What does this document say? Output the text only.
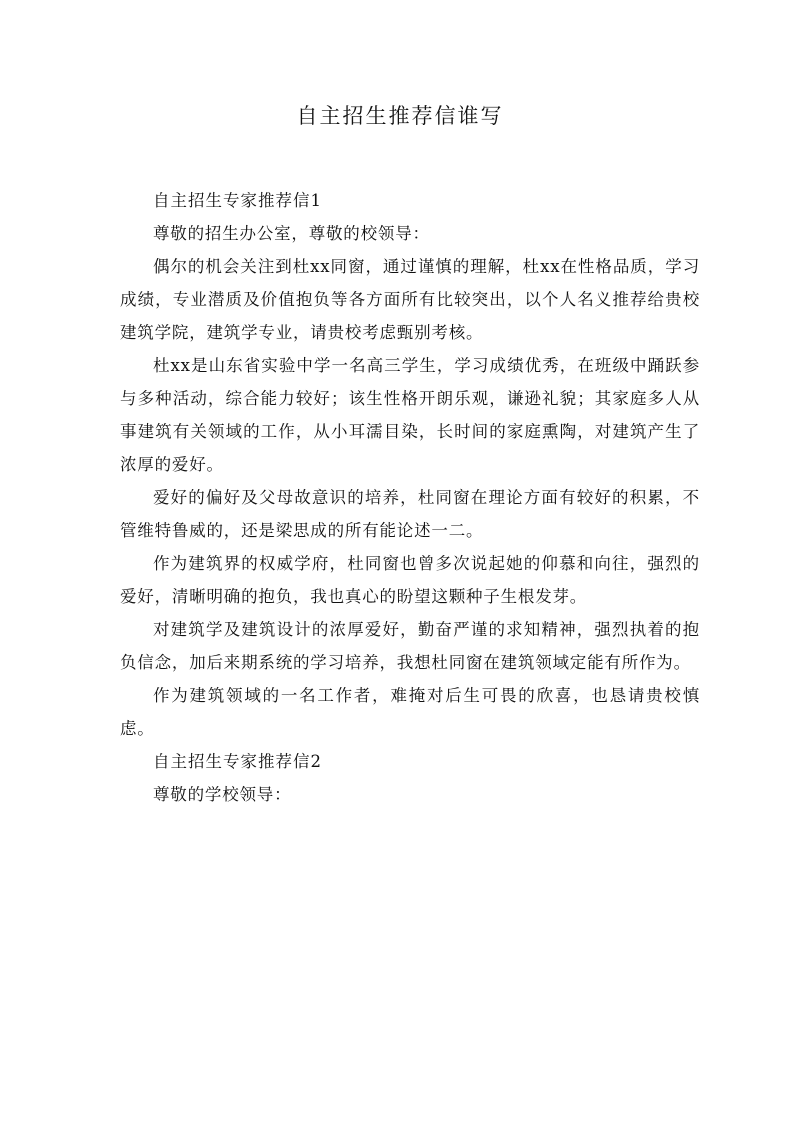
自主招生推荐信谁写

自主招生专家推荐信1

尊敬的招生办公室，尊敬的校领导：

偶尔的机会关注到杜xx同窗，通过谨慎的理解，杜xx在性格品质，学习成绩，专业潜质及价值抱负等各方面所有比较突出，以个人名义推荐给贵校建筑学院，建筑学专业，请贵校考虑甄别考核。

杜xx是山东省实验中学一名高三学生，学习成绩优秀，在班级中踊跃参与多种活动，综合能力较好；该生性格开朗乐观，谦逊礼貌；其家庭多人从事建筑有关领域的工作，从小耳濡目染，长时间的家庭熏陶，对建筑产生了浓厚的爱好。

爱好的偏好及父母故意识的培养，杜同窗在理论方面有较好的积累，不管维特鲁威的，还是梁思成的所有能论述一二。

作为建筑界的权威学府，杜同窗也曾多次说起她的仰慕和向往，强烈的爱好，清晰明确的抱负，我也真心的盼望这颗种子生根发芽。

对建筑学及建筑设计的浓厚爱好，勤奋严谨的求知精神，强烈执着的抱负信念，加后来期系统的学习培养，我想杜同窗在建筑领域定能有所作为。

作为建筑领域的一名工作者，难掩对后生可畏的欣喜，也恳请贵校慎虑。

自主招生专家推荐信2

尊敬的学校领导：
